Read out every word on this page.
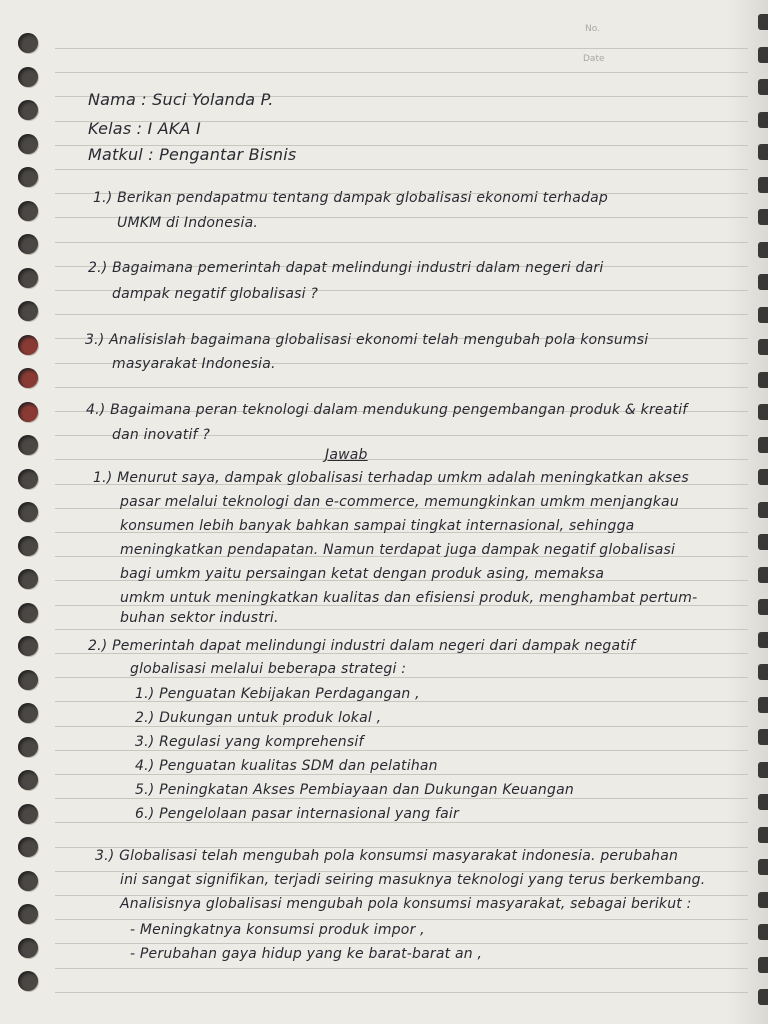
No.
Date
Nama : Suci Yolanda P.
Kelas : I AKA I
Matkul : Pengantar Bisnis
1.) Berikan pendapatmu tentang dampak globalisasi ekonomi terhadap
UMKM di Indonesia.
2.) Bagaimana pemerintah dapat melindungi industri dalam negeri dari
dampak negatif globalisasi ?
3.) Analisislah bagaimana globalisasi ekonomi telah mengubah pola konsumsi
masyarakat Indonesia.
4.) Bagaimana peran teknologi dalam mendukung pengembangan produk & kreatif
dan inovatif ?
Jawab
1.) Menurut saya, dampak globalisasi terhadap umkm adalah meningkatkan akses
pasar melalui teknologi dan e-commerce, memungkinkan umkm menjangkau
konsumen lebih banyak bahkan sampai tingkat internasional, sehingga
meningkatkan pendapatan. Namun terdapat juga dampak negatif globalisasi
bagi umkm yaitu persaingan ketat dengan produk asing, memaksa
umkm untuk meningkatkan kualitas dan efisiensi produk, menghambat pertum-
buhan sektor industri.
2.) Pemerintah dapat melindungi industri dalam negeri dari dampak negatif
globalisasi melalui beberapa strategi :
1.) Penguatan Kebijakan Perdagangan ,
2.) Dukungan untuk produk lokal ,
3.) Regulasi yang komprehensif
4.) Penguatan kualitas SDM dan pelatihan
5.) Peningkatan Akses Pembiayaan dan Dukungan Keuangan
6.) Pengelolaan pasar internasional yang fair
3.) Globalisasi telah mengubah pola konsumsi masyarakat indonesia. perubahan
ini sangat signifikan, terjadi seiring masuknya teknologi yang terus berkembang.
Analisisnya globalisasi mengubah pola konsumsi masyarakat, sebagai berikut :
- Meningkatnya konsumsi produk impor ,
- Perubahan gaya hidup yang ke barat-barat an ,
